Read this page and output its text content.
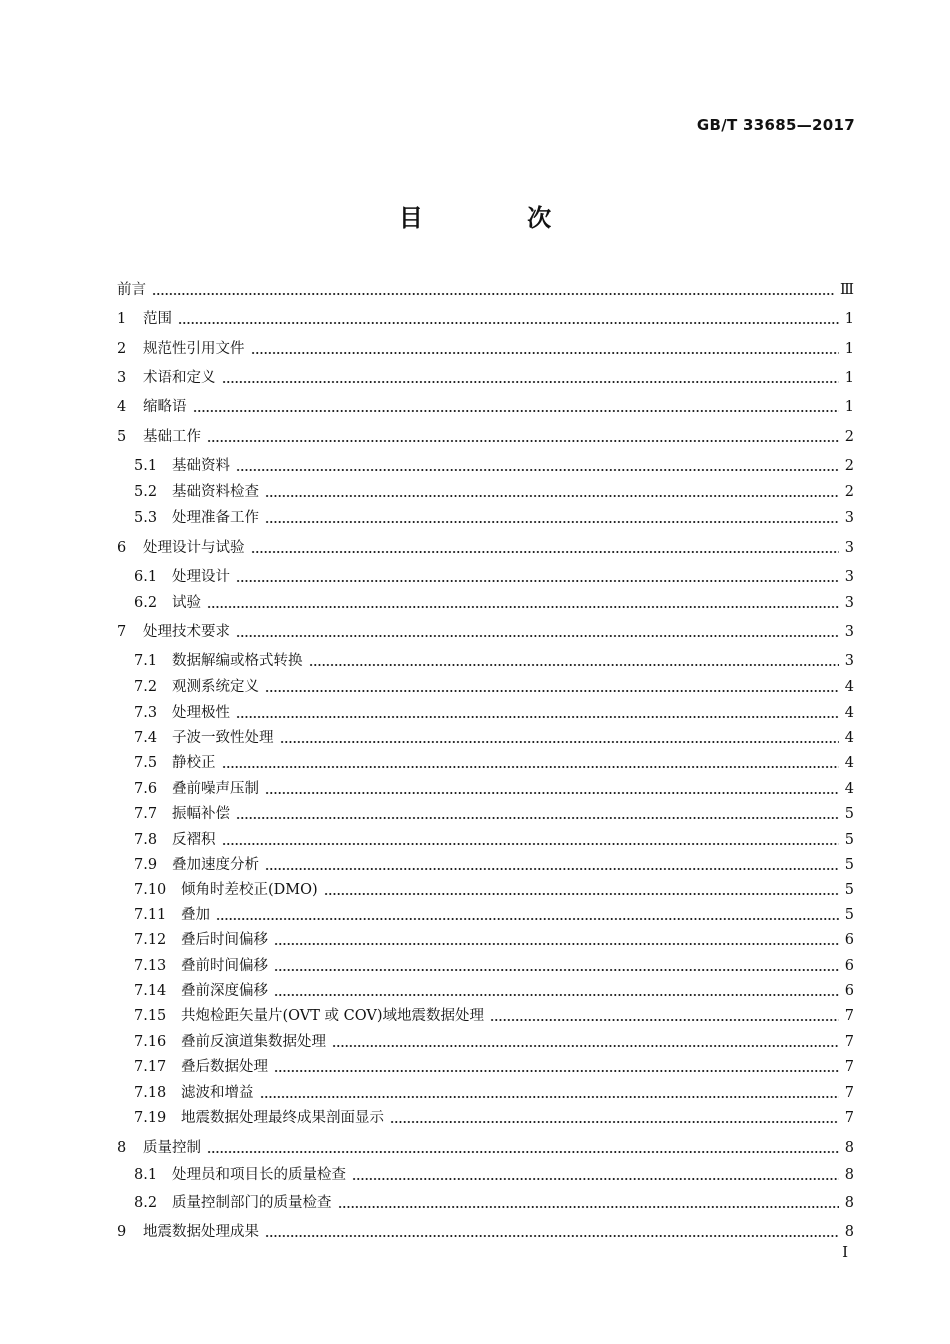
GB/T 33685—2017
目 次
前言	Ⅲ
1	范围	1
2	规范性引用文件	1
3	术语和定义	1
4	缩略语	1
5	基础工作	2
5.1	基础资料	2
5.2	基础资料检查	2
5.3	处理准备工作	3
6	处理设计与试验	3
6.1	处理设计	3
6.2	试验	3
7	处理技术要求	3
7.1	数据解编或格式转换	3
7.2	观测系统定义	4
7.3	处理极性	4
7.4	子波一致性处理	4
7.5	静校正	4
7.6	叠前噪声压制	4
7.7	振幅补偿	5
7.8	反褶积	5
7.9	叠加速度分析	5
7.10	倾角时差校正(DMO)	5
7.11	叠加	5
7.12	叠后时间偏移	6
7.13	叠前时间偏移	6
7.14	叠前深度偏移	6
7.15	共炮检距矢量片(OVT 或 COV)域地震数据处理	7
7.16	叠前反演道集数据处理	7
7.17	叠后数据处理	7
7.18	滤波和增益	7
7.19	地震数据处理最终成果剖面显示	7
8	质量控制	8
8.1	处理员和项目长的质量检查	8
8.2	质量控制部门的质量检查	8
9	地震数据处理成果	8
I
